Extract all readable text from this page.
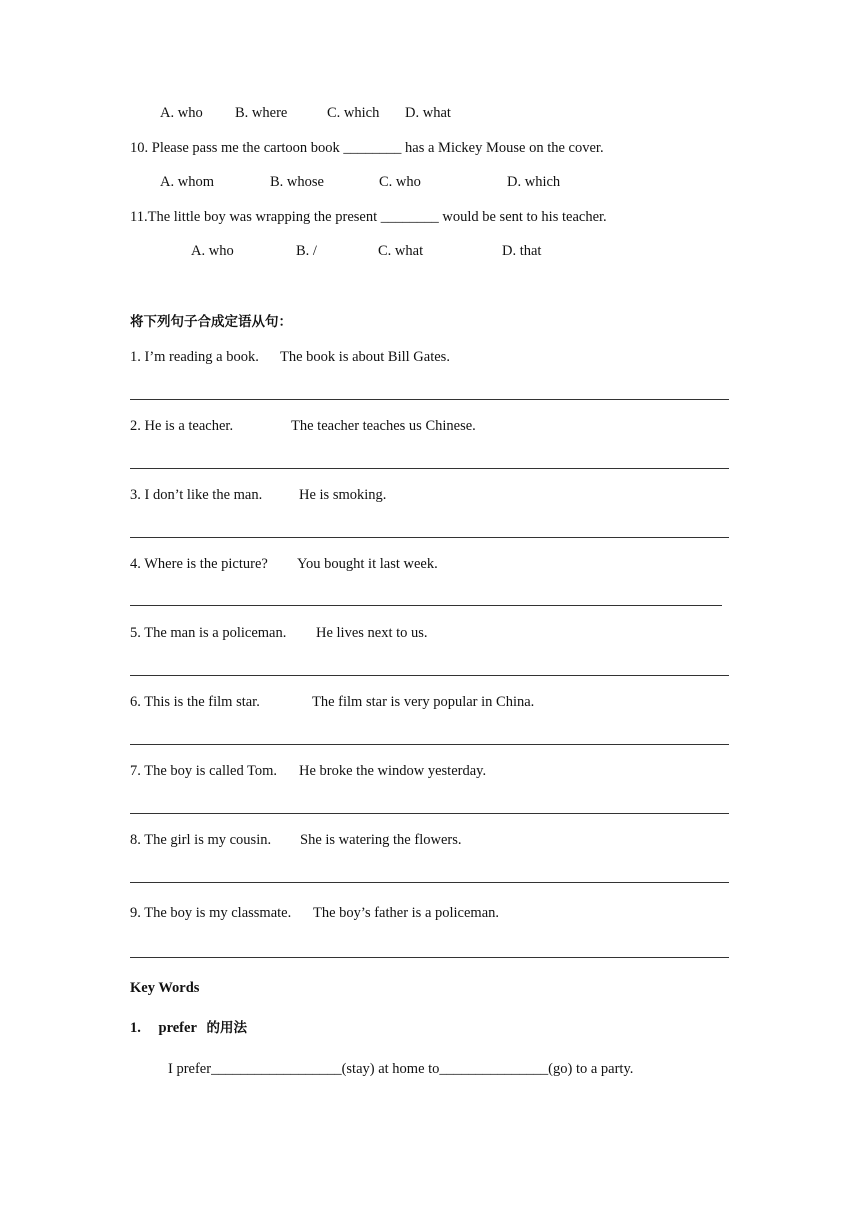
A. who B. where	C. which D. what
10. Please pass me the cartoon book ________ has a Mickey Mouse on the cover.
A. whom	B. whose	C. who	D. which
11.The little boy was wrapping the present ________ would be sent to his teacher.
A. who	B. /	C. what	D. that
将下列句子合成定语从句：
1. I’m reading a book. The book is about Bill Gates.
2. He is a teacher.	The teacher teaches us Chinese.
3. I don’t like the man.	He is smoking.
4. Where is the picture? You bought it last week.
5. The man is a policeman. He lives next to us.
6. This is the film star.	The film star is very popular in China.
7. The boy is called Tom. He broke the window yesterday.
8. The girl is my cousin. She is watering the flowers.
9. The boy is my classmate. The boy’s father is a policeman.
Key Words
1. prefer 的用法
I prefer__________________(stay) at home to_______________(go) to a party.
